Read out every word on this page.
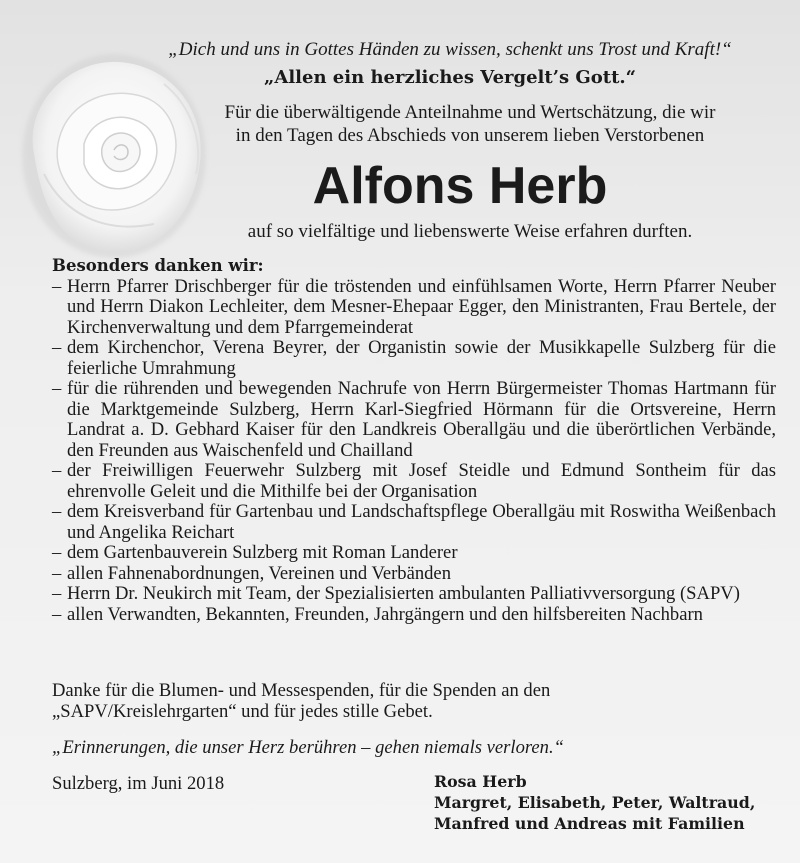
„Dich und uns in Gottes Händen zu wissen, schenkt uns Trost und Kraft!“
„Allen ein herzliches Vergelt’s Gott.“
Für die überwältigende Anteilnahme und Wertschätzung, die wir
in den Tagen des Abschieds von unserem lieben Verstorbenen
Alfons Herb
auf so vielfältige und liebenswerte Weise erfahren durften.
Besonders danken wir:
– Herrn Pfarrer Drischberger für die tröstenden und einfühlsamen Worte, Herrn Pfarrer Neuber und Herrn Diakon Lechleiter, dem Mesner-Ehepaar Egger, den Ministranten, Frau Bertele, der Kirchenverwaltung und dem Pfarrgemeinderat
– dem Kirchenchor, Verena Beyrer, der Organistin sowie der Musikkapelle Sulzberg für die feierliche Umrahmung
– für die rührenden und bewegenden Nachrufe von Herrn Bürgermeister Thomas Hartmann für die Marktgemeinde Sulzberg, Herrn Karl-Siegfried Hörmann für die Ortsvereine, Herrn Landrat a. D. Gebhard Kaiser für den Landkreis Oberallgäu und die überörtlichen Verbände, den Freunden aus Waischenfeld und Chailland
– der Freiwilligen Feuerwehr Sulzberg mit Josef Steidle und Edmund Sontheim für das ehrenvolle Geleit und die Mithilfe bei der Organisation
– dem Kreisverband für Gartenbau und Landschaftspflege Oberallgäu mit Roswitha Weißenbach und Angelika Reichart
– dem Gartenbauverein Sulzberg mit Roman Landerer
– allen Fahnenabordnungen, Vereinen und Verbänden
– Herrn Dr. Neukirch mit Team, der Spezialisierten ambulanten Palliativversorgung (SAPV)
– allen Verwandten, Bekannten, Freunden, Jahrgängern und den hilfsbereiten Nachbarn
Danke für die Blumen- und Messespenden, für die Spenden an den
„SAPV/Kreislehrgarten“ und für jedes stille Gebet.
„Erinnerungen, die unser Herz berühren – gehen niemals verloren.“
Sulzberg, im Juni 2018	Rosa Herb
Margret, Elisabeth, Peter, Waltraud,
Manfred und Andreas mit Familien
